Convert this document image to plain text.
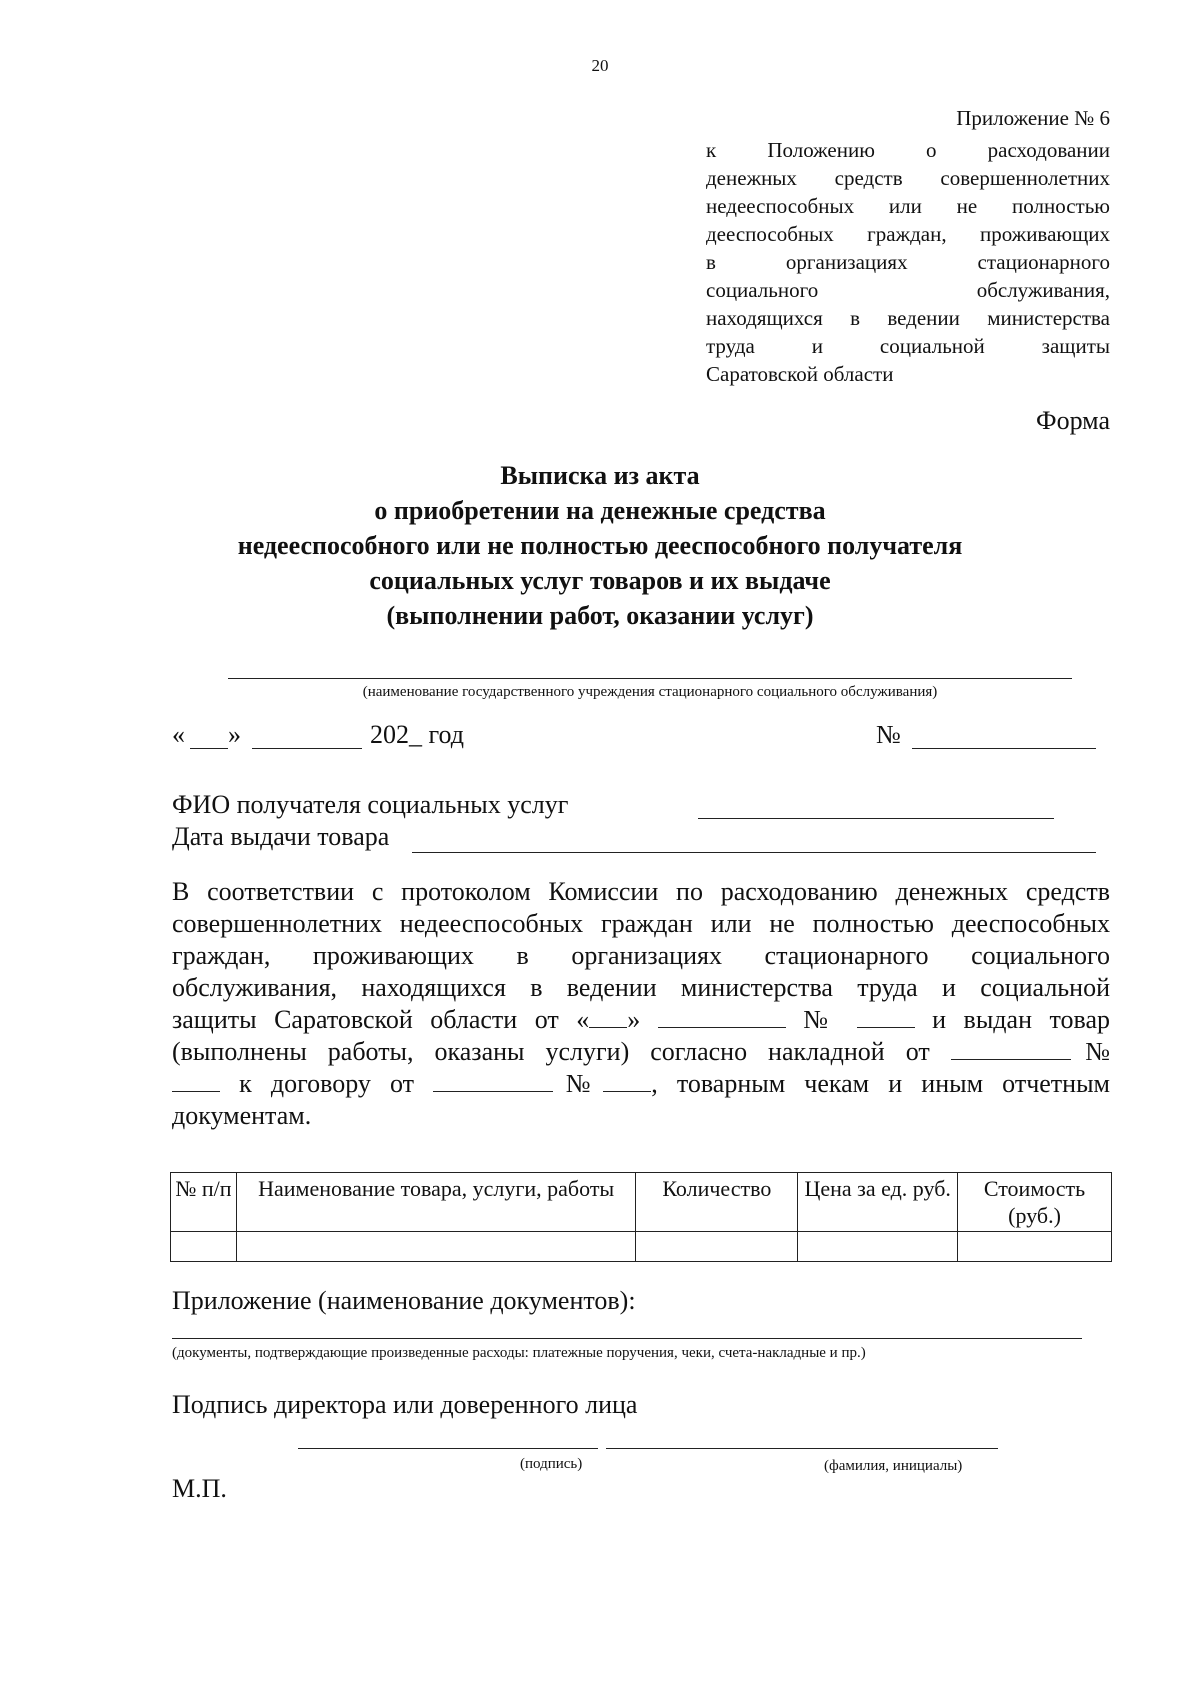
20
Приложение № 6
к Положению о расходовании
денежных средств совершеннолетних
недееспособных или не полностью
дееспособных граждан, проживающих
в организациях стационарного
социального обслуживания,
находящихся в ведении министерства
труда и социальной защиты
Саратовской области
Форма
Выписка из акта
о приобретении на денежные средства
недееспособного или не полностью дееспособного получателя
социальных услуг товаров и их выдаче
(выполнении работ, оказании услуг)
(наименование государственного учреждения стационарного социального обслуживания)
« »	202_ год	№
ФИО получателя социальных услуг
Дата выдачи товара
В соответствии с протоколом Комиссии по расходованию денежных средств
совершеннолетних недееспособных граждан или не полностью дееспособных
граждан, проживающих в организациях стационарного социального
обслуживания, находящихся в ведении министерства труда и социальной
защиты Саратовской области от « »	№	и выдан товар
(выполнены работы, оказаны услуги) согласно накладной от	№
к договору от	№ , товарным чекам и иным отчетным
документам.
№ п/п	Наименование товара, услуги, работы	Количество	Цена за ед. руб.	Стоимость (руб.)

Приложение (наименование документов):
(документы, подтверждающие произведенные расходы: платежные поручения, чеки, счета-накладные и пр.)
Подпись директора или доверенного лица
(подпись)	(фамилия, инициалы)
М.П.
